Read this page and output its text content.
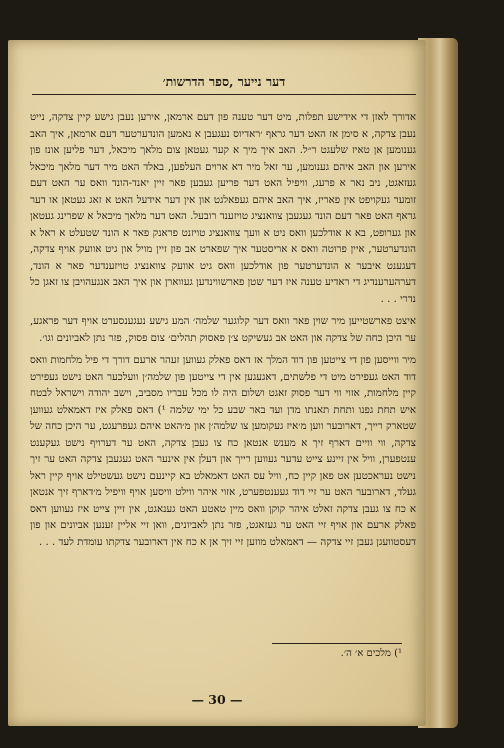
דער נייער ,ספר הדרשות׳

אדורך לאזן די אידישע תפלות, מיט דער טענה פון דעם ארמאן, אירען נעבן גישע קיין צדקה, נייט נעבן צדקה, א סימן אז האט דער גראף ׳ראדיוס נעגעבן א נאמען הונדערטער דעם ארמאן, איך האב גענומען אן טאיז שלעגט ר״ל. האב איך מיך א קער געטאן צום מלאך מיכאל, דער פליען אונז פון אירען און האב איהם גענומען, ער זאל מיר דא ארוים העלפען, באלד האט מיר דער מלאך מיכאל געזאגט, ניב נאר א פרעג, וויפיל האט דער פריען געבען פאר זיין יאנד-הונד וואס ער האט דעם זומער געקויפט אין פאריז, איך האב איהם געפאלגט און אין דער אידעל האט א זאג געטאן או דער גראף האט פאר דעם הונד געגעבן צוואנציג טויזענד רובעל. האט דער מלאך מיכאל א שפרינג געטאן און גערופט, בא א אודלכען וואס ניט א וועך צוואנציג טויזנט פראנק פאר א הונד שטעלט א ראל א הונדערטער, איין פרוטה וואס א אריסטער איך שפארט אב פון זיין מויל און גיט אוועק אויף צדקה, דעגענט איבער א הונדערטער פון אודלכען וואס גיט אוועק צוואנציג טויזענדער פאר א הונד, דערהערענדיג די ראדיע טענה איז דער שטן פארשווינדען געווארן און איך האב אנגעהויבן צו זאגן כל נדרי . . .

איצט פארשטייען מיר שוין פאר וואס דער קלוגער שלמה׳ המע גישע נעגענסערט אויף דער פראגע, ער היכן כחה של צדקה און האט אב געשיקט צ׳ן פאסוק תהלים׳ צום פסוק, פזר נתן לאביונים וגו׳.

מיר ווייסען פון די צייטען פון דוד המלך אז דאס פאלק געווען זעהר ארעם דורך די פיל מלחמות וואס דוד האט געפירט מיט די פלשתים, דאגעגען אין די צייטען פון שלמה׳ן וועלכער האט נישט געפירט קיין מלחמות, אזוי ווי דער פסוק זאגט ושלום היה לו מכל עבריו מסביב, וישב יהודה וישראל לבטח איש תחת גפנו ותחת תאנתו מדן ועד באר שבע כל ימי שלמה ¹) דאס פאלק איז דאמאלט געווען שטארק רייך, דארובער ווען מ׳איז געקומען צו שלמה׳ן און מ׳האט איהם געפרעגט, ער היכן כחה של צדקה, ווי וויים דארף זיך א מענש אנטאן כח צו געבן צדקה, האט ער דערויף נישט געקענט ענטפערן, וויל אין זיינע צייט עדער געווען רייך און דעלן אין אינער האט געגעבן צדקה האט ער זיך נישט נעראכטען אט פאן קיין כח, וויל עס האט דאמאלט בא קיינעם נישט געשטילט אויף קיין ראל געלד, דארובער האט ער זיי דוד געענטפערט, אזוי איהר ווילט וויסען אויף וויפיל מ׳דארף זיך אנטאן א כח צו געבן צדקה זאלט איהר קוקן וואס מיין טאטע האט גענאגט, אין זיין צייט איז געווען דאס פאלק ארעם און אויף זיי האט ער געזאגט, פזר נתן לאביונים, וואן זיי אליין זענען אביונים און פון דעסטוועגן געבן זיי צדקה — דאמאלט מוזען זיי זיך אן א כח אין דארובער צדקתו עומדת לעד . . .

¹) מלכים א׳ ה׳.
— 30 —
